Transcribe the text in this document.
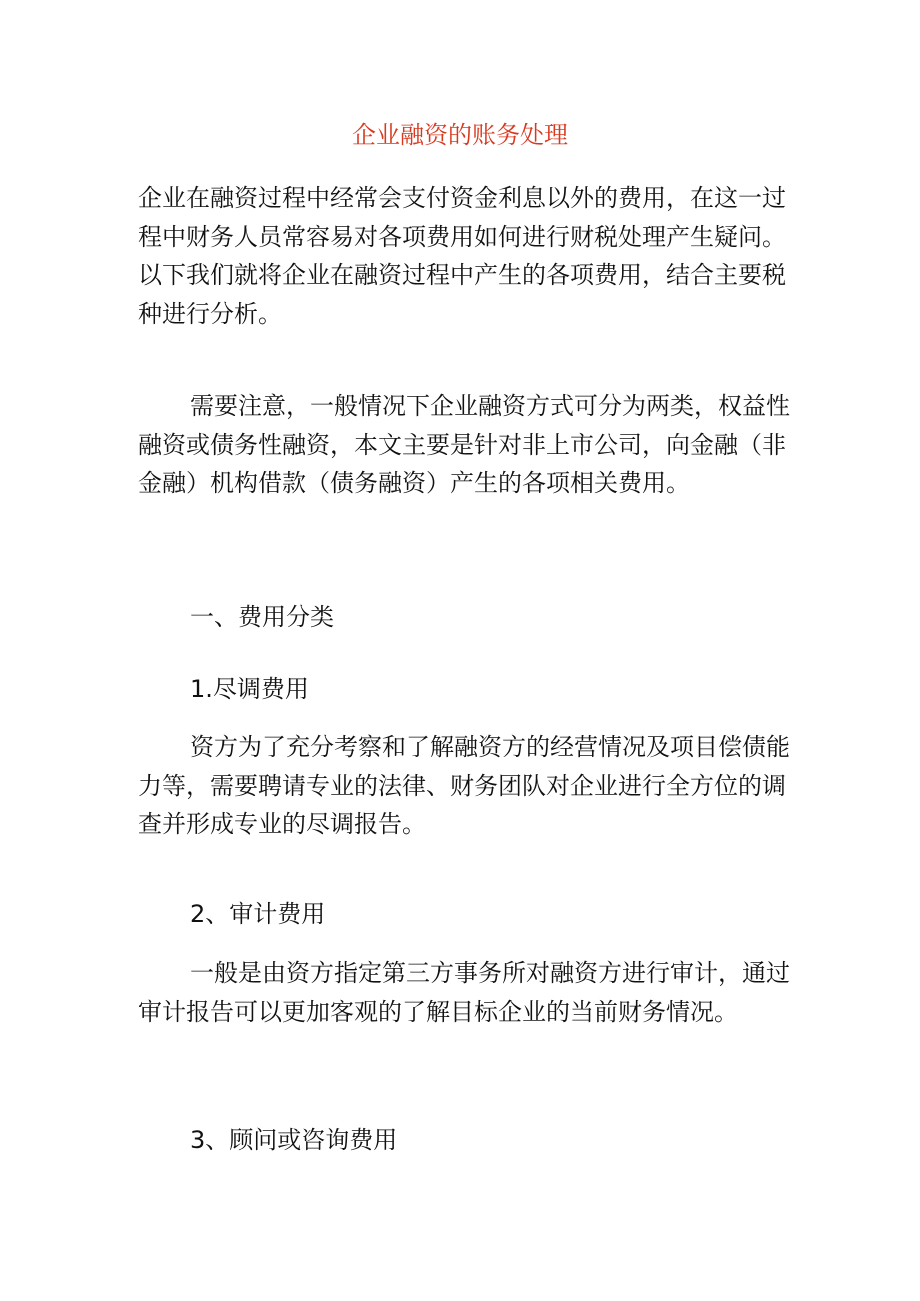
企业融资的账务处理

企业在融资过程中经常会支付资金利息以外的费用，在这一过程中财务人员常容易对各项费用如何进行财税处理产生疑问。以下我们就将企业在融资过程中产生的各项费用，结合主要税种进行分析。

需要注意，一般情况下企业融资方式可分为两类，权益性融资或债务性融资，本文主要是针对非上市公司，向金融（非金融）机构借款（债务融资）产生的各项相关费用。

一、费用分类
1.尽调费用

资方为了充分考察和了解融资方的经营情况及项目偿债能力等，需要聘请专业的法律、财务团队对企业进行全方位的调查并形成专业的尽调报告。

2、审计费用

一般是由资方指定第三方事务所对融资方进行审计，通过审计报告可以更加客观的了解目标企业的当前财务情况。

3、顾问或咨询费用
